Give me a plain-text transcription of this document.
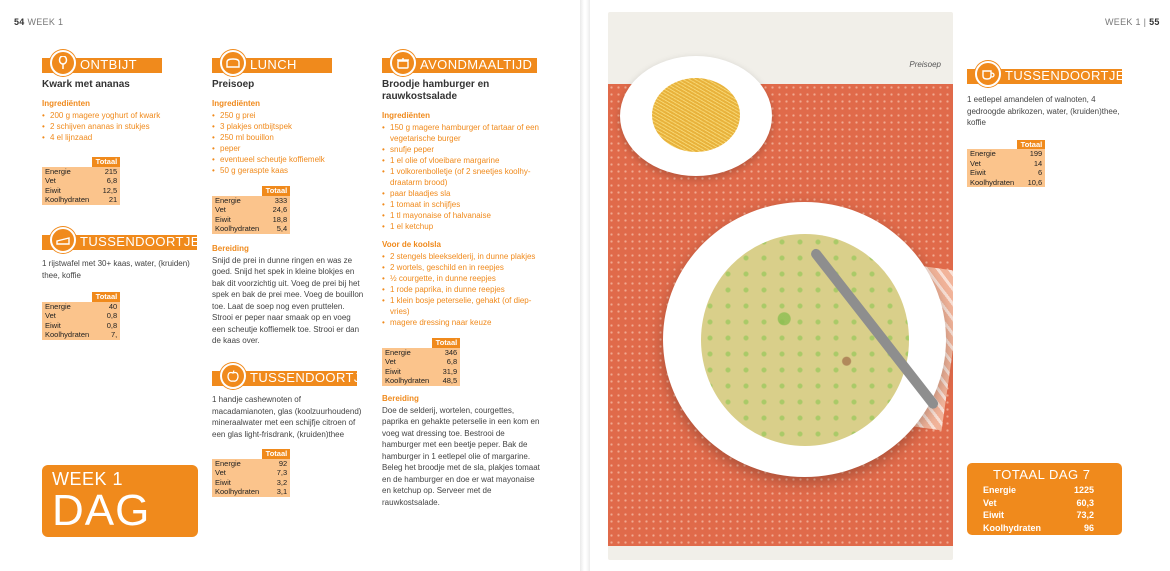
54 WEEK 1
ONTBIJT
Kwark met ananas
Ingrediënten
• 200 g magere yoghurt of kwark
• 2 schijven ananas in stukjes
• 4 el lijnzaad
	Totaal
Energie	215
Vet	6,8
Eiwit	12,5
Koolhydraten	21
TUSSENDOORTJE
1 rijstwafel met 30+ kaas, water, (kruiden) thee, koffie
	Totaal
Energie	40
Vet	0,8
Eiwit	0,8
Koolhydraten	7,
WEEK 1
DAG 7
LUNCH
Preisoep
Ingrediënten
• 250 g prei
• 3 plakjes ontbijtspek
• 250 ml bouillon
• peper
• eventueel scheutje koffiemelk
• 50 g geraspte kaas
	Totaal
Energie	333
Vet	24,6
Eiwit	18,8
Koolhydraten	5,4
Bereiding
Snijd de prei in dunne ringen en was ze goed. Snijd het spek in kleine blokjes en bak dit voorzichtig uit. Voeg de prei bij het spek en bak de prei mee. Voeg de bouillon toe. Laat de soep nog even pruttelen. Strooi er peper naar smaak op en voeg een scheutje koffiemelk toe. Strooi er dan de kaas over.
TUSSENDOORTJE
1 handje cashewnoten of macadamianoten, glas (koolzuurhoudend) mineraalwater met een schijfje citroen of een glas light-frisdrank, (kruiden)thee
	Totaal
Energie	92
Vet	7,3
Eiwit	3,2
Koolhydraten	3,1
AVONDMAALTIJD
Broodje hamburger en rauwkostsalade
Ingrediënten
• 150 g magere hamburger of tartaar of een vegetarische burger
• snufje peper
• 1 el olie of vloeibare margarine
• 1 volkorenbolletje (of 2 sneetjes koolhydraatarm brood)
• paar blaadjes sla
• 1 tomaat in schijfjes
• 1 tl mayonaise of halvanaise
• 1 el ketchup
Voor de koolsla
• 2 stengels bleekselderij, in dunne plakjes
• 2 wortels, geschild en in reepjes
• ½ courgette, in dunne reepjes
• 1 rode paprika, in dunne reepjes
• 1 klein bosje peterselie, gehakt (of diepvries)
• magere dressing naar keuze
	Totaal
Energie	346
Vet	6,8
Eiwit	31,9
Koolhydraten	48,5
Bereiding
Doe de selderij, wortelen, courgettes, paprika en gehakte peterselie in een kom en voeg wat dressing toe. Bestrooi de hamburger met een beetje peper. Bak de hamburger in 1 eetlepel olie of margarine. Beleg het broodje met de sla, plakjes tomaat en de hamburger en doe er wat mayonaise en ketchup op. Serveer met de rauwkostsalade.
WEEK 1 | 55
Preisoep
TUSSENDOORTJE
1 eetlepel amandelen of walnoten, 4 gedroogde abrikozen, water, (kruiden)thee, koffie
	Totaal
Energie	199
Vet	14
Eiwit	6
Koolhydraten	10,6
TOTAAL DAG 7
Energie	1225
Vet	60,3
Eiwit	73,2
Koolhydraten	96
